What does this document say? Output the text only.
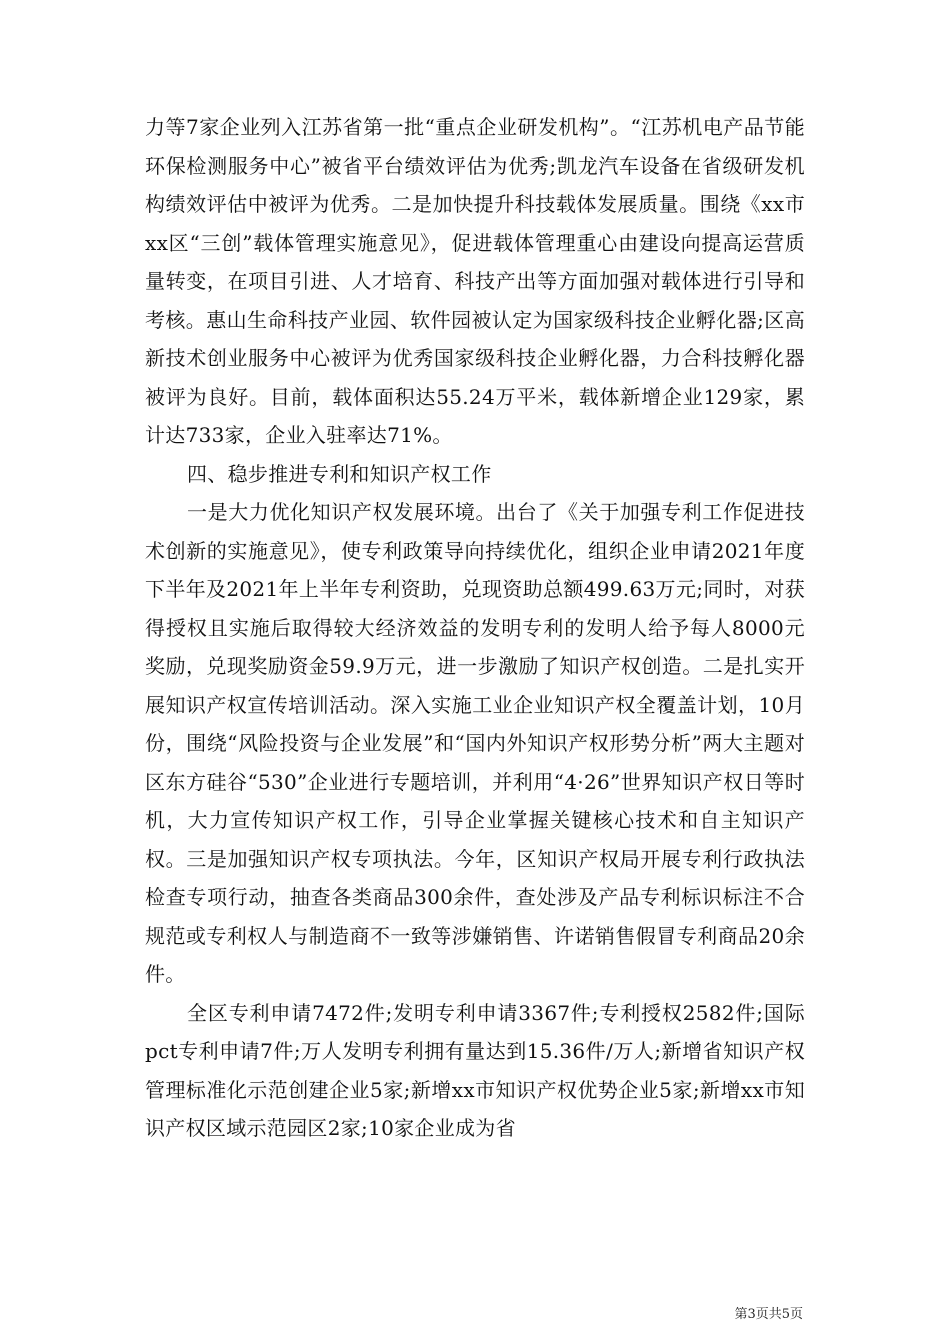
力等7家企业列入江苏省第一批“重点企业研发机构”。“江苏机电产品节能环保检测服务中心”被省平台绩效评估为优秀;凯龙汽车设备在省级研发机构绩效评估中被评为优秀。二是加快提升科技载体发展质量。围绕《xx市xx区“三创”载体管理实施意见》，促进载体管理重心由建设向提高运营质量转变，在项目引进、人才培育、科技产出等方面加强对载体进行引导和考核。惠山生命科技产业园、软件园被认定为国家级科技企业孵化器;区高新技术创业服务中心被评为优秀国家级科技企业孵化器，力合科技孵化器被评为良好。目前，载体面积达55.24万平米，载体新增企业129家，累计达733家，企业入驻率达71%。

四、稳步推进专利和知识产权工作

一是大力优化知识产权发展环境。出台了《关于加强专利工作促进技术创新的实施意见》，使专利政策导向持续优化，组织企业申请2021年度下半年及2021年上半年专利资助，兑现资助总额499.63万元;同时，对获得授权且实施后取得较大经济效益的发明专利的发明人给予每人8000元奖励，兑现奖励资金59.9万元，进一步激励了知识产权创造。二是扎实开展知识产权宣传培训活动。深入实施工业企业知识产权全覆盖计划，10月份，围绕“风险投资与企业发展”和“国内外知识产权形势分析”两大主题对区东方硅谷“530”企业进行专题培训，并利用“4·26”世界知识产权日等时机，大力宣传知识产权工作，引导企业掌握关键核心技术和自主知识产权。三是加强知识产权专项执法。今年，区知识产权局开展专利行政执法检查专项行动，抽查各类商品300余件，查处涉及产品专利标识标注不合规范或专利权人与制造商不一致等涉嫌销售、许诺销售假冒专利商品20余件。

全区专利申请7472件;发明专利申请3367件;专利授权2582件;国际pct专利申请7件;万人发明专利拥有量达到15.36件/万人;新增省知识产权管理标准化示范创建企业5家;新增xx市知识产权优势企业5家;新增xx市知识产权区域示范园区2家;10家企业成为省

第3页共5页
